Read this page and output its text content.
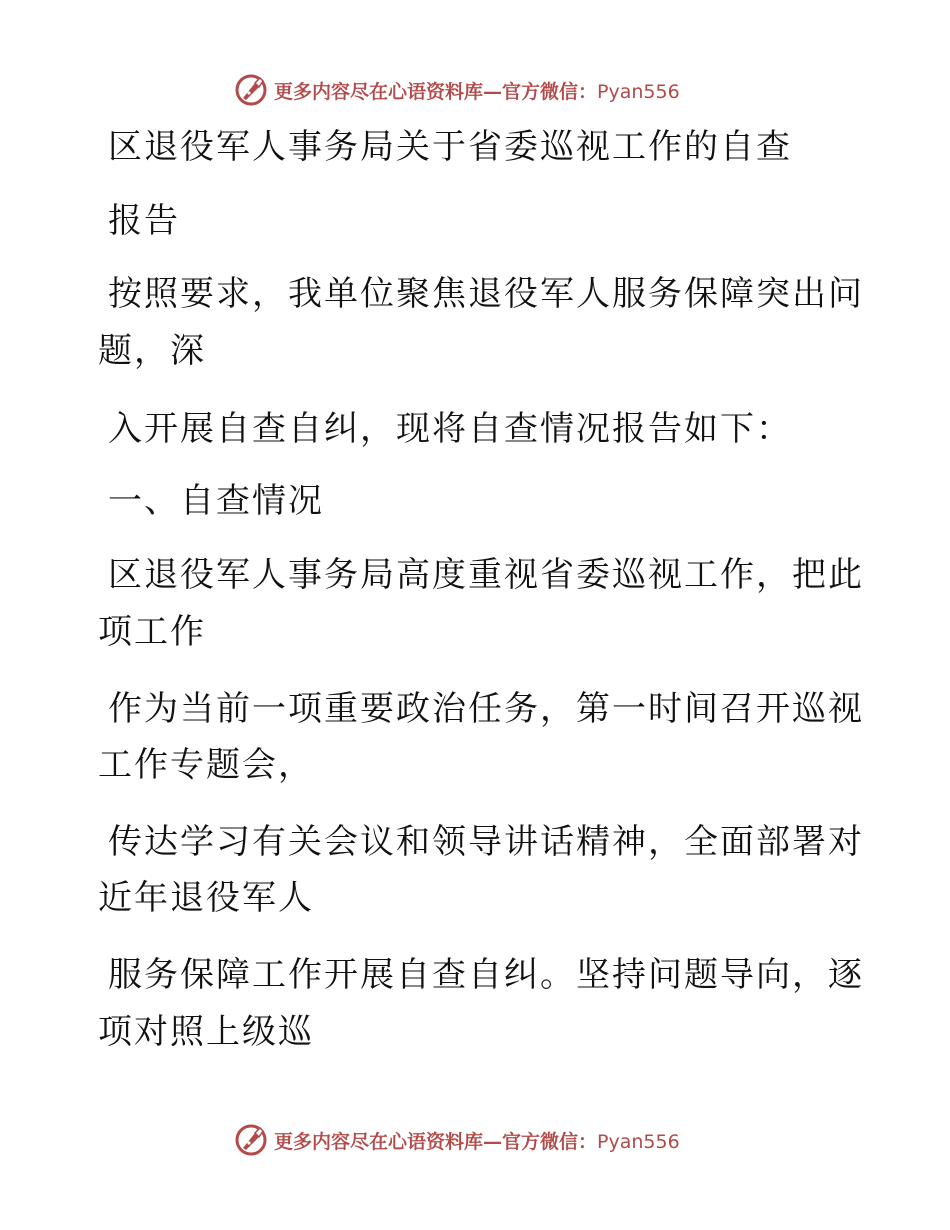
更多内容尽在心语资料库—官方微信：Pyan556
区退役军人事务局关于省委巡视工作的自查
报告
按照要求，我单位聚焦退役军人服务保障突出问
题，深
入开展自查自纠，现将自查情况报告如下：
一、自查情况
区退役军人事务局高度重视省委巡视工作，把此
项工作
作为当前一项重要政治任务，第一时间召开巡视
工作专题会，
传达学习有关会议和领导讲话精神，全面部署对
近年退役军人
服务保障工作开展自查自纠。坚持问题导向，逐
项对照上级巡
更多内容尽在心语资料库—官方微信：Pyan556
